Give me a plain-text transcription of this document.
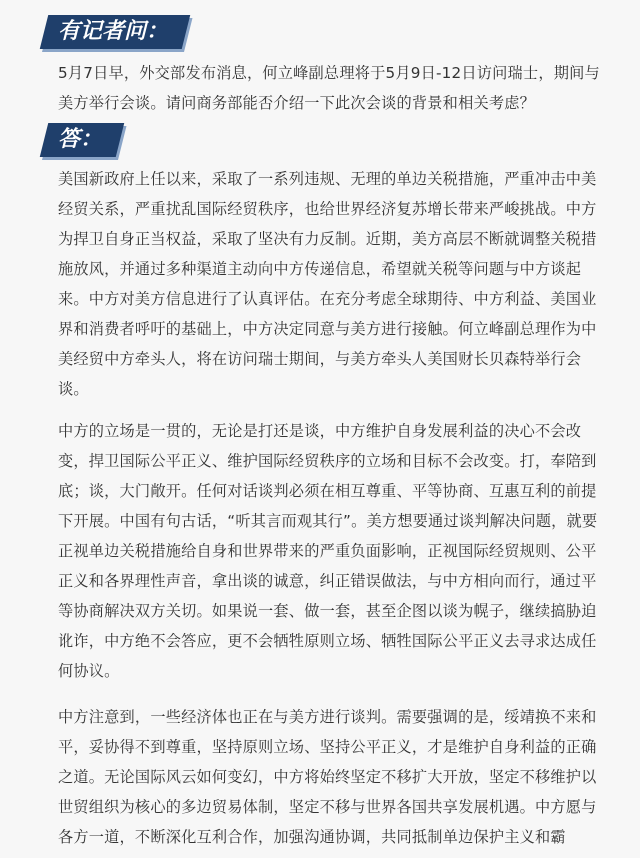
有记者问：

5月7日早，外交部发布消息，何立峰副总理将于5月9日-12日访问瑞士，期间与美方举行会谈。请问商务部能否介绍一下此次会谈的背景和相关考虑？

答：

美国新政府上任以来，采取了一系列违规、无理的单边关税措施，严重冲击中美经贸关系，严重扰乱国际经贸秩序，也给世界经济复苏增长带来严峻挑战。中方为捍卫自身正当权益，采取了坚决有力反制。近期，美方高层不断就调整关税措施放风，并通过多种渠道主动向中方传递信息，希望就关税等问题与中方谈起来。中方对美方信息进行了认真评估。在充分考虑全球期待、中方利益、美国业界和消费者呼吁的基础上，中方决定同意与美方进行接触。何立峰副总理作为中美经贸中方牵头人，将在访问瑞士期间，与美方牵头人美国财长贝森特举行会谈。

中方的立场是一贯的，无论是打还是谈，中方维护自身发展利益的决心不会改变，捍卫国际公平正义、维护国际经贸秩序的立场和目标不会改变。打，奉陪到底；谈，大门敞开。任何对话谈判必须在相互尊重、平等协商、互惠互利的前提下开展。中国有句古话，“听其言而观其行”。美方想要通过谈判解决问题，就要正视单边关税措施给自身和世界带来的严重负面影响，正视国际经贸规则、公平正义和各界理性声音，拿出谈的诚意，纠正错误做法，与中方相向而行，通过平等协商解决双方关切。如果说一套、做一套，甚至企图以谈为幌子，继续搞胁迫讹诈，中方绝不会答应，更不会牺牲原则立场、牺牲国际公平正义去寻求达成任何协议。

中方注意到，一些经济体也正在与美方进行谈判。需要强调的是，绥靖换不来和平，妥协得不到尊重，坚持原则立场、坚持公平正义，才是维护自身利益的正确之道。无论国际风云如何变幻，中方将始终坚定不移扩大开放，坚定不移维护以世贸组织为核心的多边贸易体制，坚定不移与世界各国共享发展机遇。中方愿与各方一道，不断深化互利合作，加强沟通协调，共同抵制单边保护主义和霸
